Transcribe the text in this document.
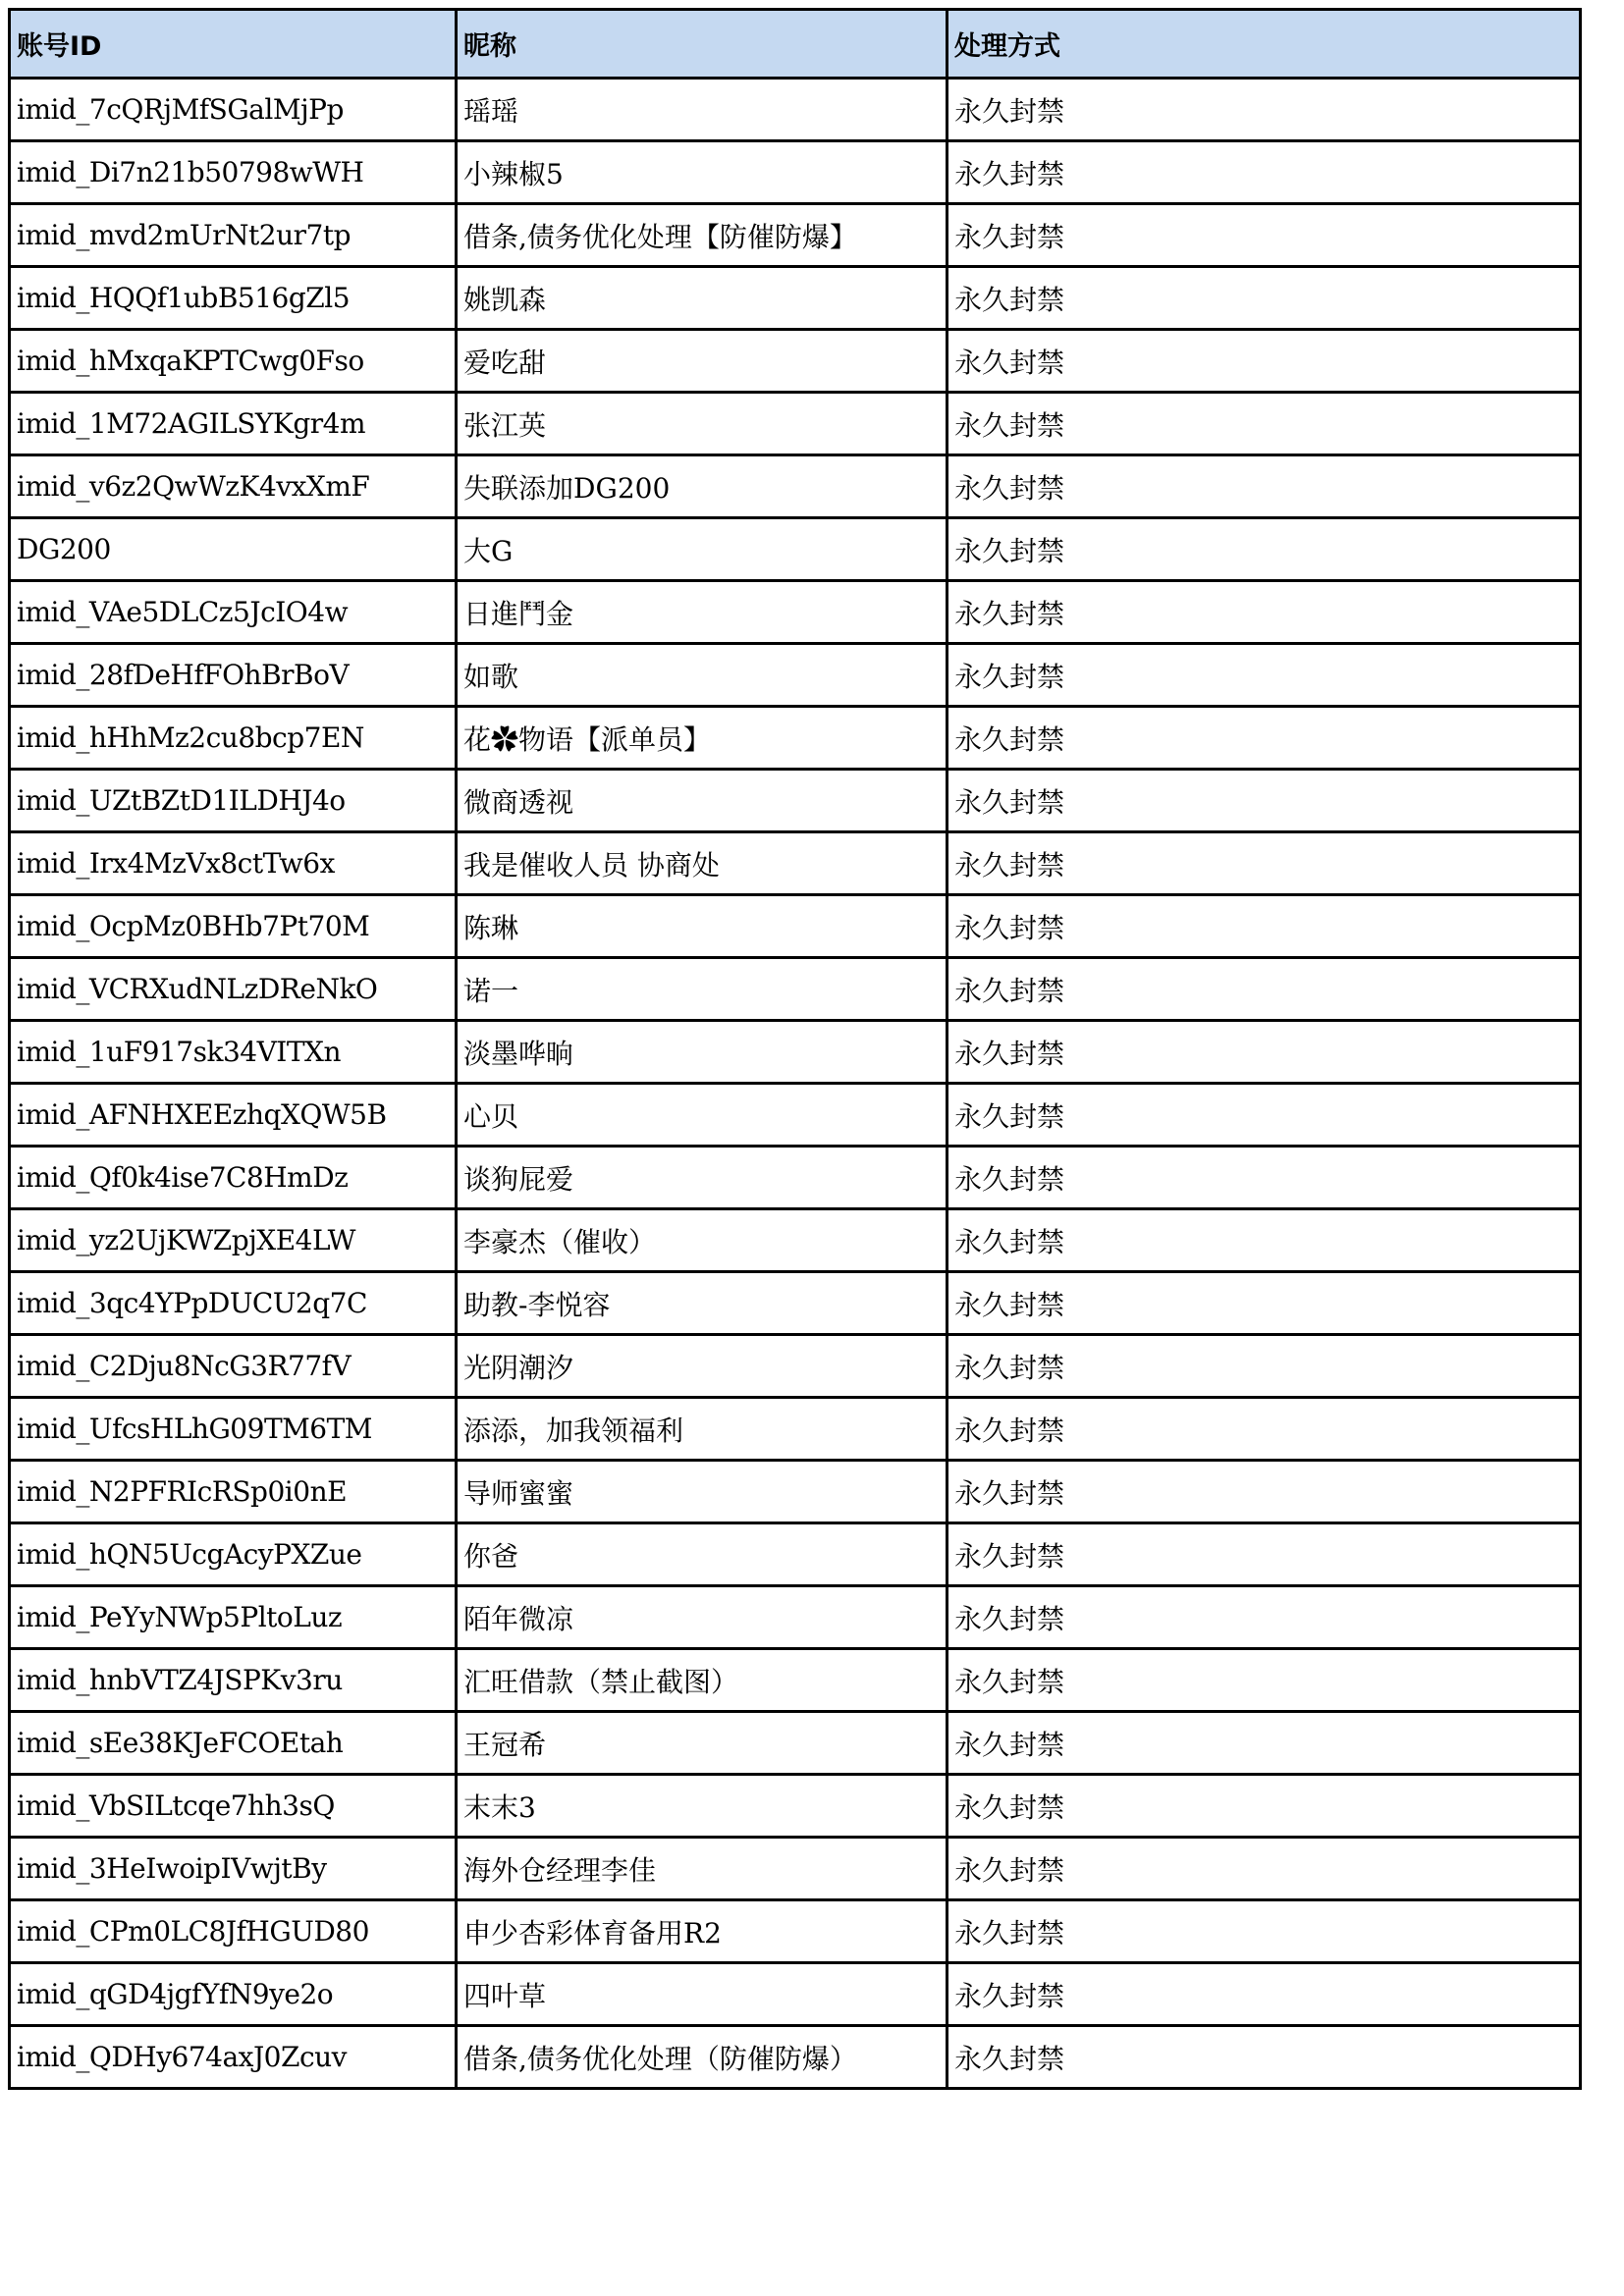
账号ID	昵称	处理方式
imid_7cQRjMfSGalMjPp	瑶瑶	永久封禁
imid_Di7n21b50798wWH	小辣椒5	永久封禁
imid_mvd2mUrNt2ur7tp	借条,债务优化处理【防催防爆】	永久封禁
imid_HQQf1ubB516gZl5	姚凯森	永久封禁
imid_hMxqaKPTCwg0Fso	爱吃甜	永久封禁
imid_1M72AGILSYKgr4m	张江英	永久封禁
imid_v6z2QwWzK4vxXmF	失联添加DG200	永久封禁
DG200	大G	永久封禁
imid_VAe5DLCz5JcIO4w	日進鬥金	永久封禁
imid_28fDeHfFOhBrBoV	如歌	永久封禁
imid_hHhMz2cu8bcp7EN	花✿物语【派单员】	永久封禁
imid_UZtBZtD1ILDHJ4o	微商透视	永久封禁
imid_Irx4MzVx8ctTw6x	我是催收人员 协商处	永久封禁
imid_OcpMz0BHb7Pt70M	陈琳	永久封禁
imid_VCRXudNLzDReNkO	诺一	永久封禁
imid_1uF917sk34VITXn	淡墨哗晌	永久封禁
imid_AFNHXEEzhqXQW5B	心贝	永久封禁
imid_Qf0k4ise7C8HmDz	谈狗屁爱	永久封禁
imid_yz2UjKWZpjXE4LW	李豪杰（催收）	永久封禁
imid_3qc4YPpDUCU2q7C	助教-李悦容	永久封禁
imid_C2Dju8NcG3R77fV	光阴潮汐	永久封禁
imid_UfcsHLhG09TM6TM	添添，加我领福利	永久封禁
imid_N2PFRIcRSp0i0nE	导师蜜蜜	永久封禁
imid_hQN5UcgAcyPXZue	你爸	永久封禁
imid_PeYyNWp5PltoLuz	陌年微凉	永久封禁
imid_hnbVTZ4JSPKv3ru	汇旺借款（禁止截图）	永久封禁
imid_sEe38KJeFCOEtah	王冠希	永久封禁
imid_VbSILtcqe7hh3sQ	末末3	永久封禁
imid_3HeIwoipIVwjtBy	海外仓经理李佳	永久封禁
imid_CPm0LC8JfHGUD80	申少杏彩体育备用R2	永久封禁
imid_qGD4jgfYfN9ye2o	四叶草	永久封禁
imid_QDHy674axJ0Zcuv	借条,债务优化处理（防催防爆）	永久封禁
